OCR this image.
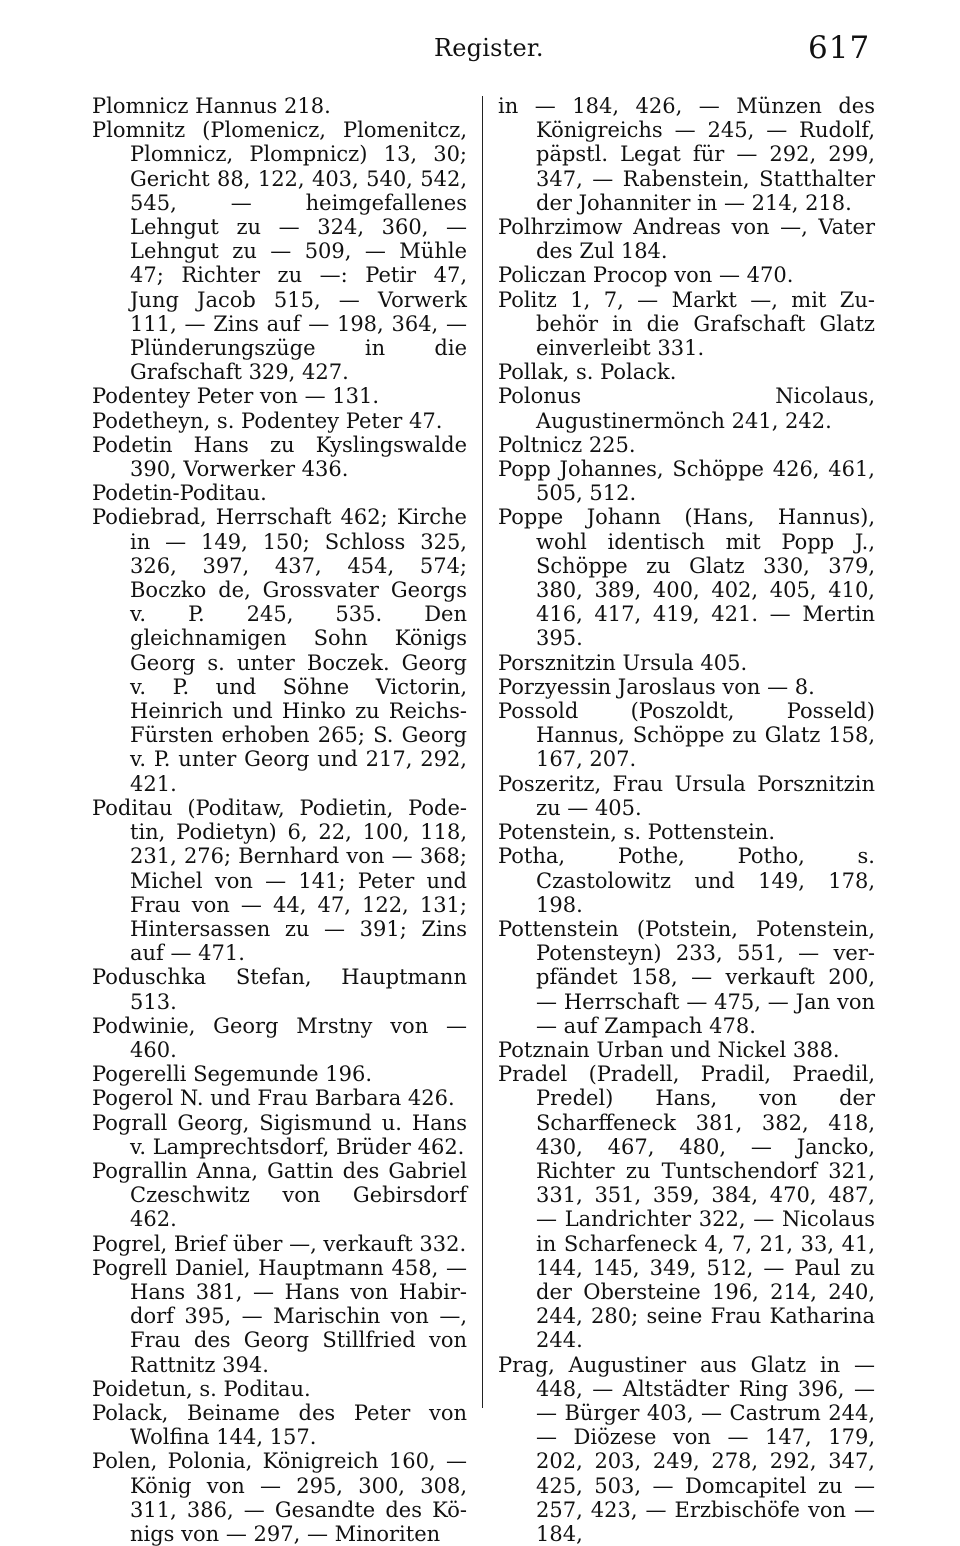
Register.	617

Plomnicz Hannus 218.

Plomnitz (Plomenicz, Plomenitcz, Plomnicz, Plompnicz) 13, 30; Gericht 88, 122, 403, 540, 542, 545, — heimgefallenes Lehngut zu — 324, 360, — Lehngut zu — 509, — Mühle 47; Richter zu —: Petir 47, Jung Jacob 515, — Vorwerk 111, — Zins auf — 198, 364, — Plünderungszüge in die Grafschaft 329, 427.

Podentey Peter von — 131.

Podetheyn, s. Podentey Peter 47.

Podetin Hans zu Kyslingswalde 390, Vorwerker 436.

Podetin-Poditau.

Podiebrad, Herrschaft 462; Kirche in — 149, 150; Schloss 325, 326, 397, 437, 454, 574; Boczko de, Grossvater Georgs v. P. 245, 535. Den gleichnamigen Sohn Königs Georg s. unter Boczek. Georg v. P. und Söhne Victorin, Heinrich und Hinko zu ReichsFürsten erhoben 265; S. Georg v. P. unter Georg und 217, 292, 421.

Poditau (Poditaw, Podietin, Podetin, Podietyn) 6, 22, 100, 118, 231, 276; Bernhard von — 368; Michel von — 141; Peter und Frau von — 44, 47, 122, 131; Hintersassen zu — 391; Zins auf — 471.

Poduschka Stefan, Hauptmann 513.

Podwinie, Georg Mrstny von — 460.

Pogerelli Segemunde 196.

Pogerol N. und Frau Barbara 426.

Pograll Georg, Sigismund u. Hans v. Lamprechtsdorf, Brüder 462.

Pograllin Anna, Gattin des Gabriel Czeschwitz von Gebirsdorf 462.

Pogrel, Brief über —, verkauft 332.

Pogrell Daniel, Hauptmann 458, — Hans 381, — Hans von Habirdorf 395, — Marischin von —, Frau des Georg Stillfried von Rattnitz 394.

Poidetun, s. Poditau.

Polack, Beiname des Peter von Wolfina 144, 157.

Polen, Polonia, Königreich 160, — König von — 295, 300, 308, 311, 386, — Gesandte des Königs von — 297, — Minoriten

in — 184, 426, — Münzen des Königreichs — 245, — Rudolf, päpstl. Legat für — 292, 299, 347, — Rabenstein, Statthalter der Johanniter in — 214, 218.

Polhrzimow Andreas von —, Vater des Zul 184.

Policzan Procop von — 470.

Politz 1, 7, — Markt —, mit Zubehör in die Grafschaft Glatz einverleibt 331.

Pollak, s. Polack.

Polonus Nicolaus, Augustinermönch 241, 242.

Poltnicz 225.

Popp Johannes, Schöppe 426, 461, 505, 512.

Poppe Johann (Hans, Hannus), wohl identisch mit Popp J., Schöppe zu Glatz 330, 379, 380, 389, 400, 402, 405, 410, 416, 417, 419, 421. — Mertin 395.

Porsznitzin Ursula 405.

Porzyessin Jaroslaus von — 8.

Possold (Poszoldt, Posseld) Hannus, Schöppe zu Glatz 158, 167, 207.

Poszeritz, Frau Ursula Porsznitzin zu — 405.

Potenstein, s. Pottenstein.

Potha, Pothe, Potho, s. Czastolowitz und 149, 178, 198.

Pottenstein (Potstein, Potenstein, Potensteyn) 233, 551, — verpfändet 158, — verkauft 200, — Herrschaft — 475, — Jan von — auf Zampach 478.

Potznain Urban und Nickel 388.

Pradel (Pradell, Pradil, Praedil, Predel) Hans, von der Scharffeneck 381, 382, 418, 430, 467, 480, — Jancko, Richter zu Tuntschendorf 321, 331, 351, 359, 384, 470, 487, — Landrichter 322, — Nicolaus in Scharfeneck 4, 7, 21, 33, 41, 144, 145, 349, 512, — Paul zu der Obersteine 196, 214, 240, 244, 280; seine Frau Katharina 244.

Prag, Augustiner aus Glatz in — 448, — Altstädter Ring 396, — — Bürger 403, — Castrum 244, — Diözese von — 147, 179, 202, 203, 249, 278, 292, 347, 425, 503, — Domcapitel zu — 257, 423, — Erzbischöfe von — 184,
